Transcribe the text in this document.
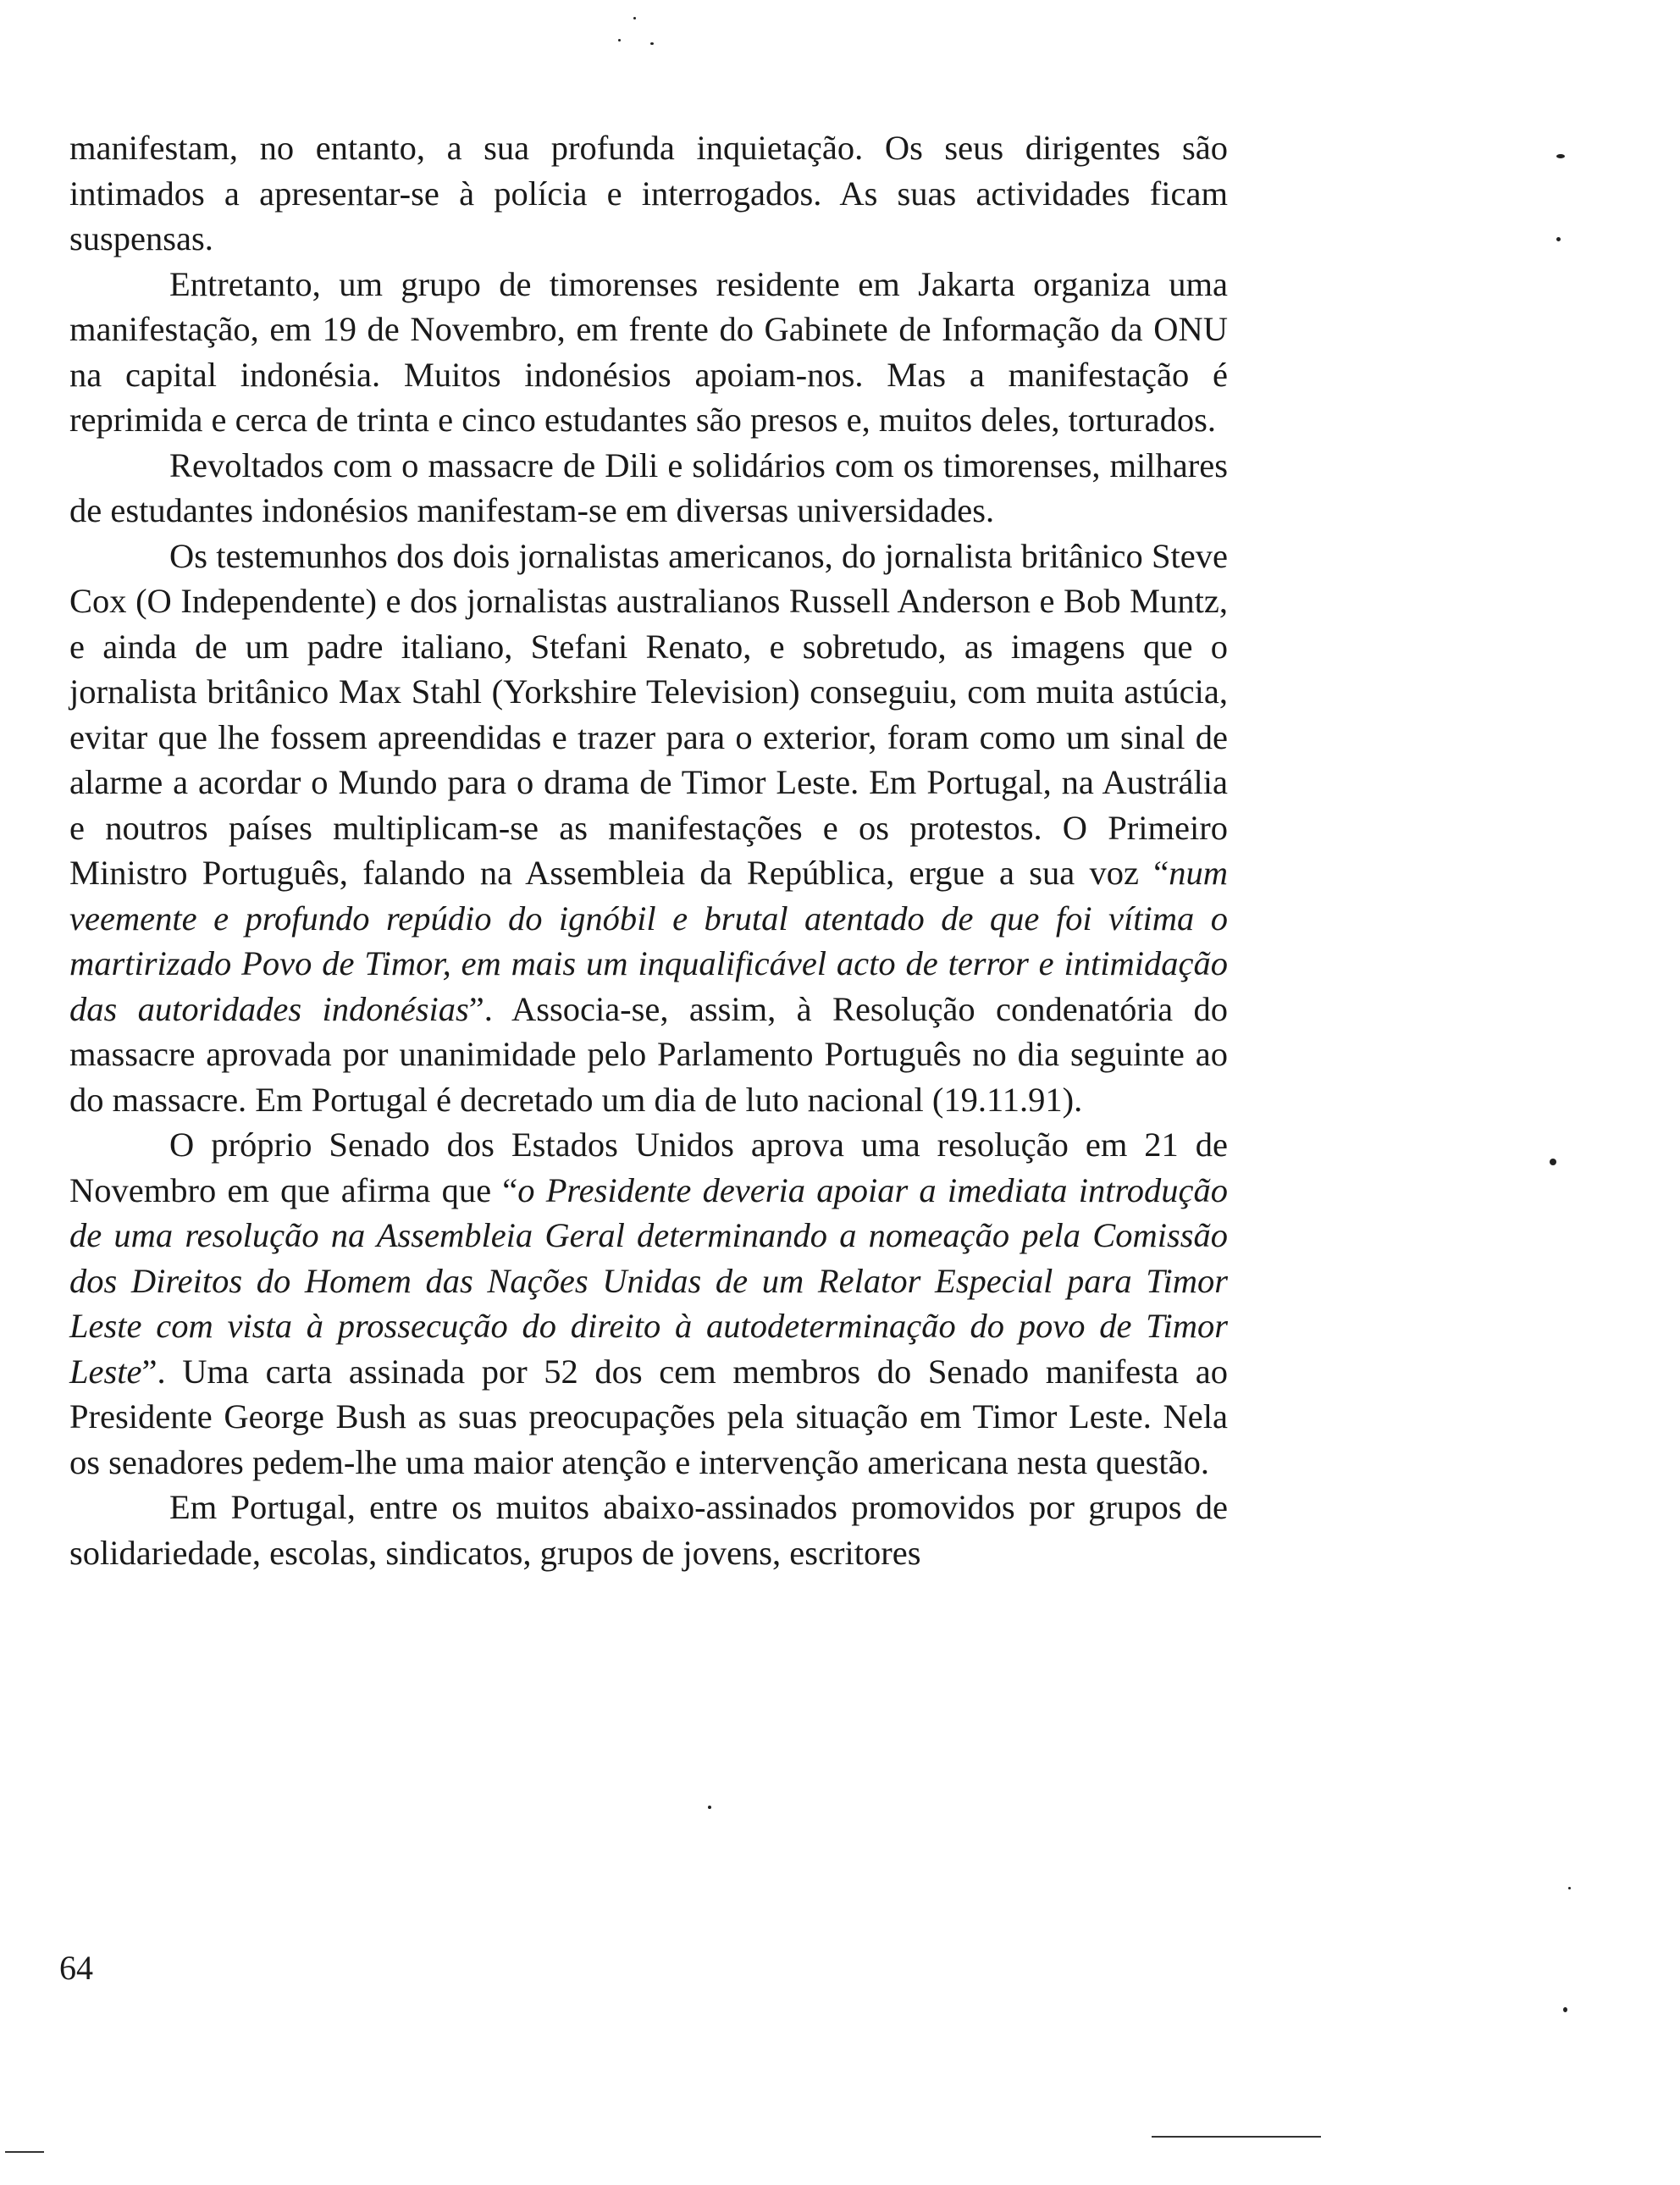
manifestam, no entanto, a sua profunda inquietação. Os seus dirigentes são intimados a apresentar-se à polícia e interrogados. As suas actividades ficam suspensas.

Entretanto, um grupo de timorenses residente em Jakarta organiza uma manifestação, em 19 de Novembro, em frente do Gabinete de Informação da ONU na capital indonésia. Muitos indonésios apoiam-nos. Mas a manifestação é reprimida e cerca de trinta e cinco estudantes são presos e, muitos deles, torturados.

Revoltados com o massacre de Dili e solidários com os timorenses, milhares de estudantes indonésios manifestam-se em diversas universidades.

Os testemunhos dos dois jornalistas americanos, do jornalista britânico Steve Cox (O Independente) e dos jornalistas australianos Russell Anderson e Bob Muntz, e ainda de um padre italiano, Stefani Renato, e sobretudo, as imagens que o jornalista britânico Max Stahl (Yorkshire Television) conseguiu, com muita astúcia, evitar que lhe fossem apreendidas e trazer para o exterior, foram como um sinal de alarme a acordar o Mundo para o drama de Timor Leste. Em Portugal, na Austrália e noutros países multiplicam-se as manifestações e os protestos. O Primeiro Ministro Português, falando na Assembleia da República, ergue a sua voz “num veemente e profundo repúdio do ignóbil e brutal atentado de que foi vítima o martirizado Povo de Timor, em mais um inqualificável acto de terror e intimidação das autoridades indonésias”. Associa-se, assim, à Resolução condenatória do massacre aprovada por unanimidade pelo Parlamento Português no dia seguinte ao do massacre. Em Portugal é decretado um dia de luto nacional (19.11.91).

O próprio Senado dos Estados Unidos aprova uma resolução em 21 de Novembro em que afirma que “o Presidente deveria apoiar a imediata introdução de uma resolução na Assembleia Geral determinando a nomeação pela Comissão dos Direitos do Homem das Nações Unidas de um Relator Especial para Timor Leste com vista à prossecução do direito à autodeterminação do povo de Timor Leste”. Uma carta assinada por 52 dos cem membros do Senado manifesta ao Presidente George Bush as suas preocupações pela situação em Timor Leste. Nela os senadores pedem-lhe uma maior atenção e intervenção americana nesta questão.

Em Portugal, entre os muitos abaixo-assinados promovidos por grupos de solidariedade, escolas, sindicatos, grupos de jovens, escritores

64
